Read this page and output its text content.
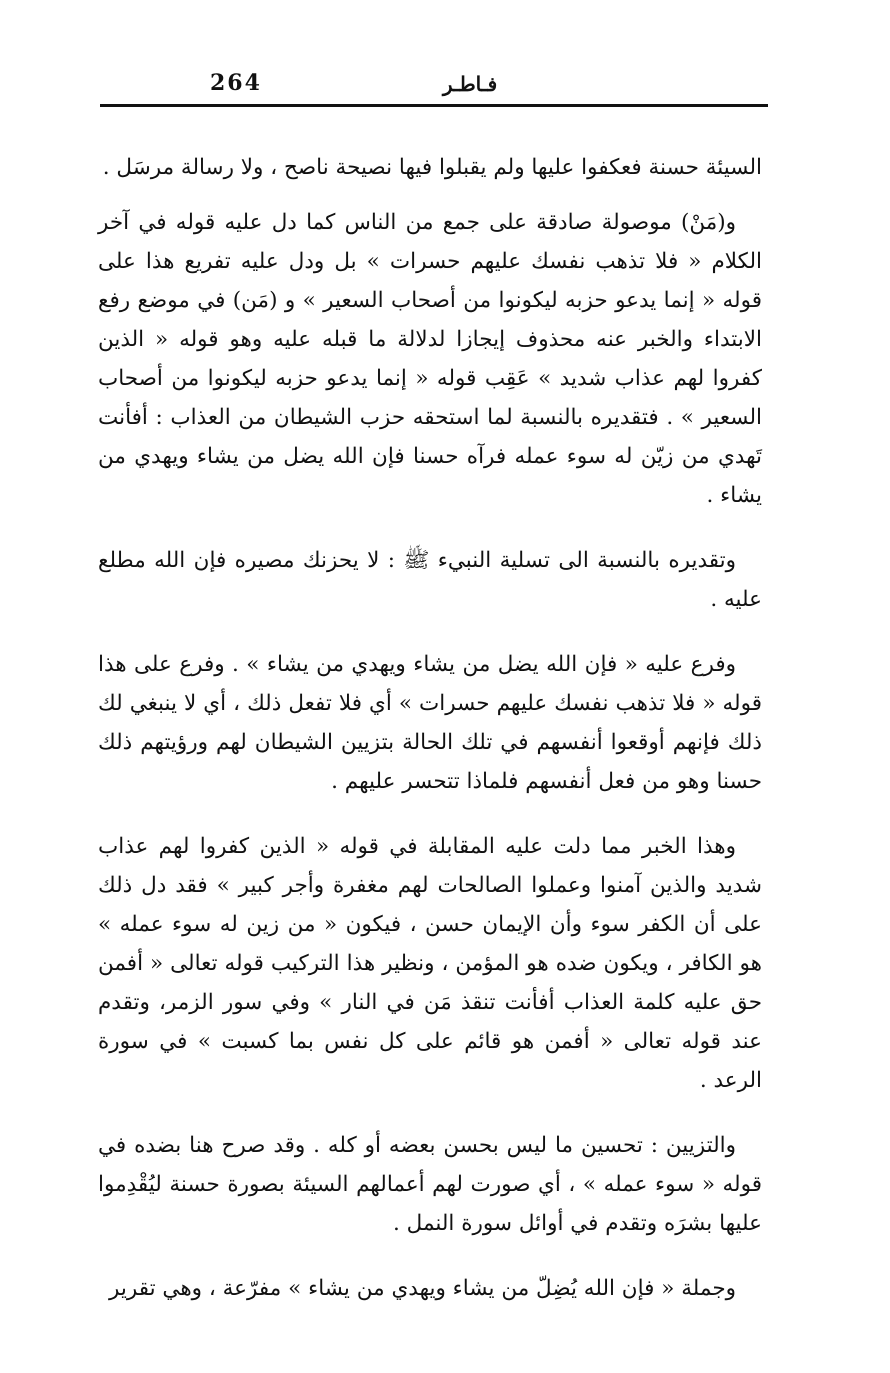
264	فـاطـر

السيئة حسنة فعكفوا عليها ولم يقبلوا فيها نصيحة ناصح ، ولا رسالة مرسَل .

و(مَنْ) موصولة صادقة على جمع من الناس كما دل عليه قوله في آخر الكلام « فلا تذهب نفسك عليهم حسرات » بل ودل عليه تفريع هذا على قوله « إنما يدعو حزبه ليكونوا من أصحاب السعير » و (مَن) في موضع رفع الابتداء والخبر عنه محذوف إيجازا لدلالة ما قبله عليه وهو قوله « الذين كفروا لهم عذاب شديد » عَقِب قوله « إنما يدعو حزبه ليكونوا من أصحاب السعير » . فتقديره بالنسبة لما استحقه حزب الشيطان من العذاب : أفأنت تَهدي من زيّن له سوء عمله فرآه حسنا فإن الله يضل من يشاء ويهدي من يشاء .

وتقديره بالنسبة الى تسلية النبيء ﷺ : لا يحزنك مصيره فإن الله مطلع عليه .

وفرع عليه « فإن الله يضل من يشاء ويهدي من يشاء » . وفرع على هذا قوله « فلا تذهب نفسك عليهم حسرات » أي فلا تفعل ذلك ، أي لا ينبغي لك ذلك فإنهم أوقعوا أنفسهم في تلك الحالة بتزيين الشيطان لهم ورؤيتهم ذلك حسنا وهو من فعل أنفسهم فلماذا تتحسر عليهم .

وهذا الخبر مما دلت عليه المقابلة في قوله « الذين كفروا لهم عذاب شديد والذين آمنوا وعملوا الصالحات لهم مغفرة وأجر كبير » فقد دل ذلك على أن الكفر سوء وأن الإيمان حسن ، فيكون « من زين له سوء عمله » هو الكافر ، ويكون ضده هو المؤمن ، ونظير هذا التركيب قوله تعالى « أفمن حق عليه كلمة العذاب أفأنت تنقذ مَن في النار » وفي سور الزمر، وتقدم عند قوله تعالى « أفمن هو قائم على كل نفس بما كسبت » في سورة الرعد .

والتزيين : تحسين ما ليس بحسن بعضه أو كله . وقد صرح هنا بضده في قوله « سوء عمله » ، أي صورت لهم أعمالهم السيئة بصورة حسنة ليُقْدِموا عليها بشرَه وتقدم في أوائل سورة النمل .

وجملة « فإن الله يُضِلّ من يشاء ويهدي من يشاء » مفرّعة ، وهي تقرير
